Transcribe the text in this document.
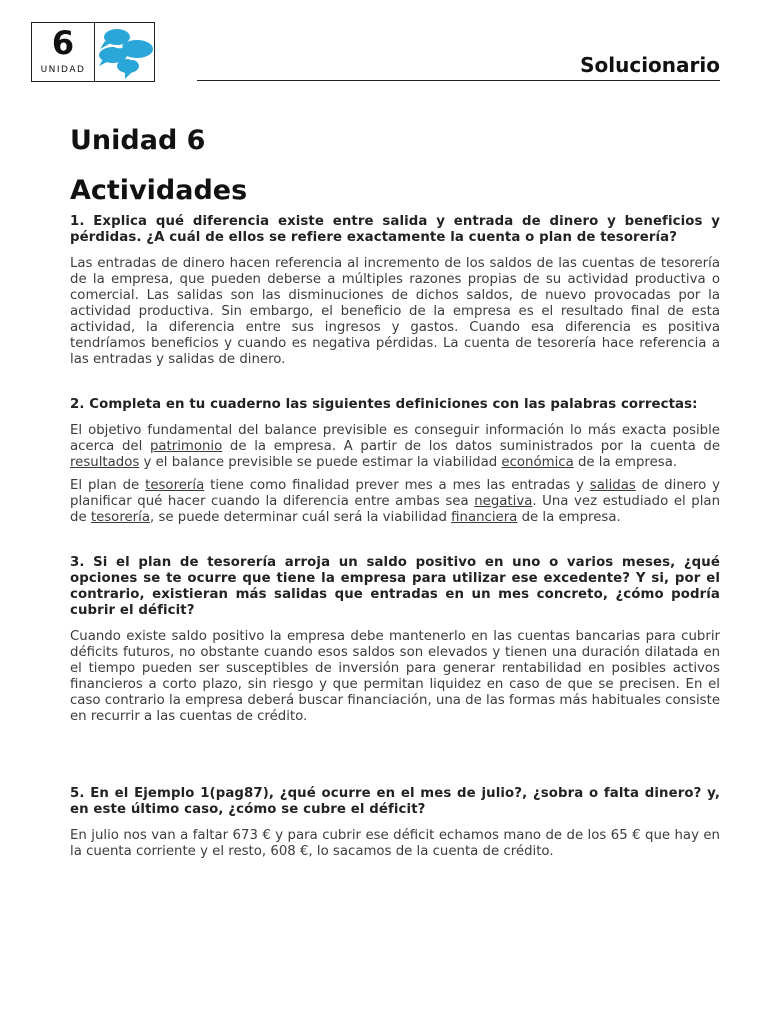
6
UNIDAD	Solucionario
Unidad 6
Actividades

1. Explica qué diferencia existe entre salida y entrada de dinero y beneficios y pérdidas. ¿A cuál de ellos se refiere exactamente la cuenta o plan de tesorería?

Las entradas de dinero hacen referencia al incremento de los saldos de las cuentas de tesorería de la empresa, que pueden deberse a múltiples razones propias de su actividad productiva o comercial. Las salidas son las disminuciones de dichos saldos, de nuevo provocadas por la actividad productiva. Sin embargo, el beneficio de la empresa es el resultado final de esta actividad, la diferencia entre sus ingresos y gastos. Cuando esa diferencia es positiva tendríamos beneficios y cuando es negativa pérdidas. La cuenta de tesorería hace referencia a las entradas y salidas de dinero.

2. Completa en tu cuaderno las siguientes definiciones con las palabras correctas:

El objetivo fundamental del balance previsible es conseguir información lo más exacta posible acerca del patrimonio de la empresa. A partir de los datos suministrados por la cuenta de resultados y el balance previsible se puede estimar la viabilidad económica de la empresa.

El plan de tesorería tiene como finalidad prever mes a mes las entradas y salidas de dinero y planificar qué hacer cuando la diferencia entre ambas sea negativa. Una vez estudiado el plan de tesorería, se puede determinar cuál será la viabilidad financiera de la empresa.

3. Si el plan de tesorería arroja un saldo positivo en uno o varios meses, ¿qué opciones se te ocurre que tiene la empresa para utilizar ese excedente? Y si, por el contrario, existieran más salidas que entradas en un mes concreto, ¿cómo podría cubrir el déficit?

Cuando existe saldo positivo la empresa debe mantenerlo en las cuentas bancarias para cubrir déficits futuros, no obstante cuando esos saldos son elevados y tienen una duración dilatada en el tiempo pueden ser susceptibles de inversión para generar rentabilidad en posibles activos financieros a corto plazo, sin riesgo y que permitan liquidez en caso de que se precisen. En el caso contrario la empresa deberá buscar financiación, una de las formas más habituales consiste en recurrir a las cuentas de crédito.

5. En el Ejemplo 1(pag87), ¿qué ocurre en el mes de julio?, ¿sobra o falta dinero? y, en este último caso, ¿cómo se cubre el déficit?

En julio nos van a faltar 673 € y para cubrir ese déficit echamos mano de de los 65 € que hay en la cuenta corriente y el resto, 608 €, lo sacamos de la cuenta de crédito.
